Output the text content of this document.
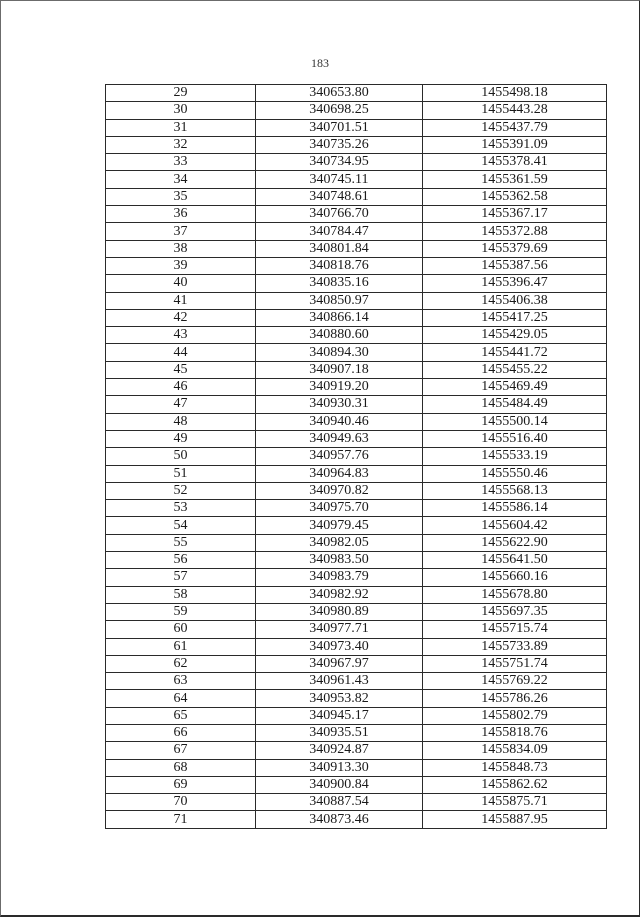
183
29	340653.80	1455498.18
30	340698.25	1455443.28
31	340701.51	1455437.79
32	340735.26	1455391.09
33	340734.95	1455378.41
34	340745.11	1455361.59
35	340748.61	1455362.58
36	340766.70	1455367.17
37	340784.47	1455372.88
38	340801.84	1455379.69
39	340818.76	1455387.56
40	340835.16	1455396.47
41	340850.97	1455406.38
42	340866.14	1455417.25
43	340880.60	1455429.05
44	340894.30	1455441.72
45	340907.18	1455455.22
46	340919.20	1455469.49
47	340930.31	1455484.49
48	340940.46	1455500.14
49	340949.63	1455516.40
50	340957.76	1455533.19
51	340964.83	1455550.46
52	340970.82	1455568.13
53	340975.70	1455586.14
54	340979.45	1455604.42
55	340982.05	1455622.90
56	340983.50	1455641.50
57	340983.79	1455660.16
58	340982.92	1455678.80
59	340980.89	1455697.35
60	340977.71	1455715.74
61	340973.40	1455733.89
62	340967.97	1455751.74
63	340961.43	1455769.22
64	340953.82	1455786.26
65	340945.17	1455802.79
66	340935.51	1455818.76
67	340924.87	1455834.09
68	340913.30	1455848.73
69	340900.84	1455862.62
70	340887.54	1455875.71
71	340873.46	1455887.95
